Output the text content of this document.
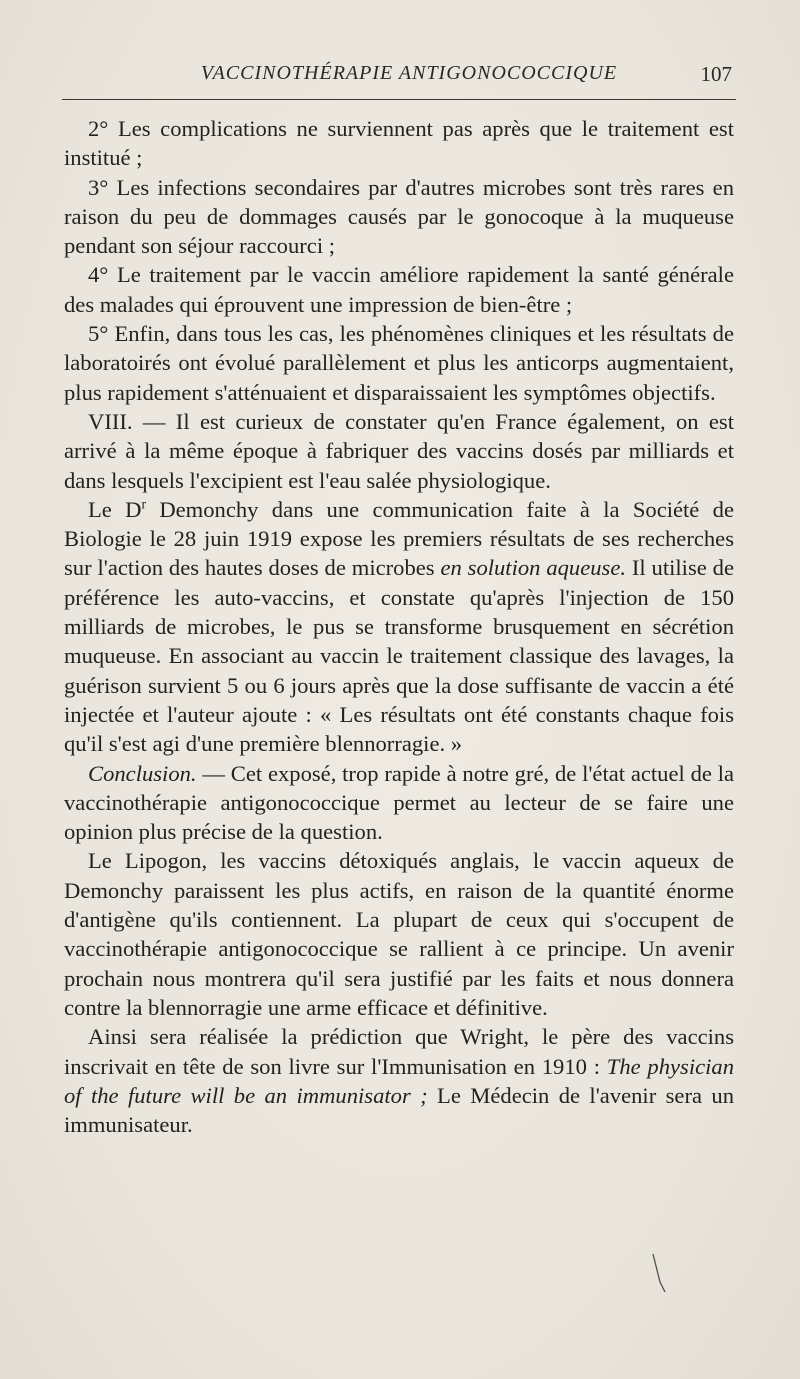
VACCINOTHÉRAPIE ANTIGONOCOCCIQUE	107

2° Les complications ne surviennent pas après que le traitement est institué ;

3° Les infections secondaires par d'autres microbes sont très rares en raison du peu de dommages causés par le gonocoque à la muqueuse pendant son séjour raccourci ;

4° Le traitement par le vaccin améliore rapidement la santé générale des malades qui éprouvent une impression de bien-être ;

5° Enfin, dans tous les cas, les phénomènes cliniques et les résultats de laboratoirés ont évolué parallèlement et plus les anticorps augmentaient, plus rapidement s'atténuaient et disparaissaient les symptômes objectifs.

VIII. — Il est curieux de constater qu'en France également, on est arrivé à la même époque à fabriquer des vaccins dosés par milliards et dans lesquels l'excipient est l'eau salée physiologique.

Le $D^r$ Demonchy dans une communication faite à la Société de Biologie le 28 juin 1919 expose les premiers résultats de ses recherches sur l'action des hautes doses de microbes en solution aqueuse. Il utilise de préférence les auto-vaccins, et constate qu'après l'injection de 150 milliards de microbes, le pus se transforme brusquement en sécrétion muqueuse. En associant au vaccin le traitement classique des lavages, la guérison survient 5 ou 6 jours après que la dose suffisante de vaccin a été injectée et l'auteur ajoute : « Les résultats ont été constants chaque fois qu'il s'est agi d'une première blennorragie. »

Conclusion. — Cet exposé, trop rapide à notre gré, de l'état actuel de la vaccinothérapie antigonococcique permet au lecteur de se faire une opinion plus précise de la question.

Le Lipogon, les vaccins détoxiqués anglais, le vaccin aqueux de Demonchy paraissent les plus actifs, en raison de la quantité énorme d'antigène qu'ils contiennent. La plupart de ceux qui s'occupent de vaccinothérapie antigonococcique se rallient à ce principe. Un avenir prochain nous montrera qu'il sera justifié par les faits et nous donnera contre la blennorragie une arme efficace et définitive.

Ainsi sera réalisée la prédiction que Wright, le père des vaccins inscrivait en tête de son livre sur l'Immunisation en 1910 : The physician of the future will be an immunisator ; Le Médecin de l'avenir sera un immunisateur.
